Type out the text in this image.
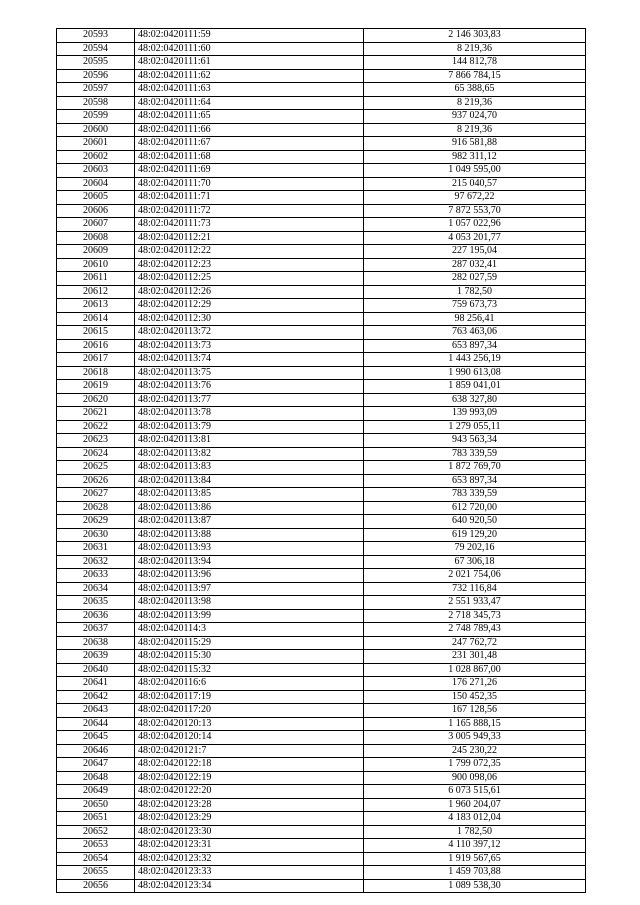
20593	48:02:0420111:59	2 146 303,83
20594	48:02:0420111:60	8 219,36
20595	48:02:0420111:61	144 812,78
20596	48:02:0420111:62	7 866 784,15
20597	48:02:0420111:63	65 388,65
20598	48:02:0420111:64	8 219,36
20599	48:02:0420111:65	937 024,70
20600	48:02:0420111:66	8 219,36
20601	48:02:0420111:67	916 581,88
20602	48:02:0420111:68	982 311,12
20603	48:02:0420111:69	1 049 595,00
20604	48:02:0420111:70	215 040,57
20605	48:02:0420111:71	97 672,22
20606	48:02:0420111:72	7 872 553,70
20607	48:02:0420111:73	1 057 022,96
20608	48:02:0420112:21	4 053 201,77
20609	48:02:0420112:22	227 195,04
20610	48:02:0420112:23	287 032,41
20611	48:02:0420112:25	282 027,59
20612	48:02:0420112:26	1 782,50
20613	48:02:0420112:29	759 673,73
20614	48:02:0420112:30	98 256,41
20615	48:02:0420113:72	763 463,06
20616	48:02:0420113:73	653 897,34
20617	48:02:0420113:74	1 443 256,19
20618	48:02:0420113:75	1 990 613,08
20619	48:02:0420113:76	1 859 041,01
20620	48:02:0420113:77	638 327,80
20621	48:02:0420113:78	139 993,09
20622	48:02:0420113:79	1 279 055,11
20623	48:02:0420113:81	943 563,34
20624	48:02:0420113:82	783 339,59
20625	48:02:0420113:83	1 872 769,70
20626	48:02:0420113:84	653 897,34
20627	48:02:0420113:85	783 339,59
20628	48:02:0420113:86	612 720,00
20629	48:02:0420113:87	640 920,50
20630	48:02:0420113:88	619 129,20
20631	48:02:0420113:93	79 202,16
20632	48:02:0420113:94	67 306,18
20633	48:02:0420113:96	2 021 754,06
20634	48:02:0420113:97	732 116,84
20635	48:02:0420113:98	2 551 933,47
20636	48:02:0420113:99	2 718 345,73
20637	48:02:0420114:3	2 748 789,43
20638	48:02:0420115:29	247 762,72
20639	48:02:0420115:30	231 301,48
20640	48:02:0420115:32	1 028 867,00
20641	48:02:0420116:6	176 271,26
20642	48:02:0420117:19	150 452,35
20643	48:02:0420117:20	167 128,56
20644	48:02:0420120:13	1 165 888,15
20645	48:02:0420120:14	3 005 949,33
20646	48:02:0420121:7	245 230,22
20647	48:02:0420122:18	1 799 072,35
20648	48:02:0420122:19	900 098,06
20649	48:02:0420122:20	6 073 515,61
20650	48:02:0420123:28	1 960 204,07
20651	48:02:0420123:29	4 183 012,04
20652	48:02:0420123:30	1 782,50
20653	48:02:0420123:31	4 110 397,12
20654	48:02:0420123:32	1 919 567,65
20655	48:02:0420123:33	1 459 703,88
20656	48:02:0420123:34	1 089 538,30
